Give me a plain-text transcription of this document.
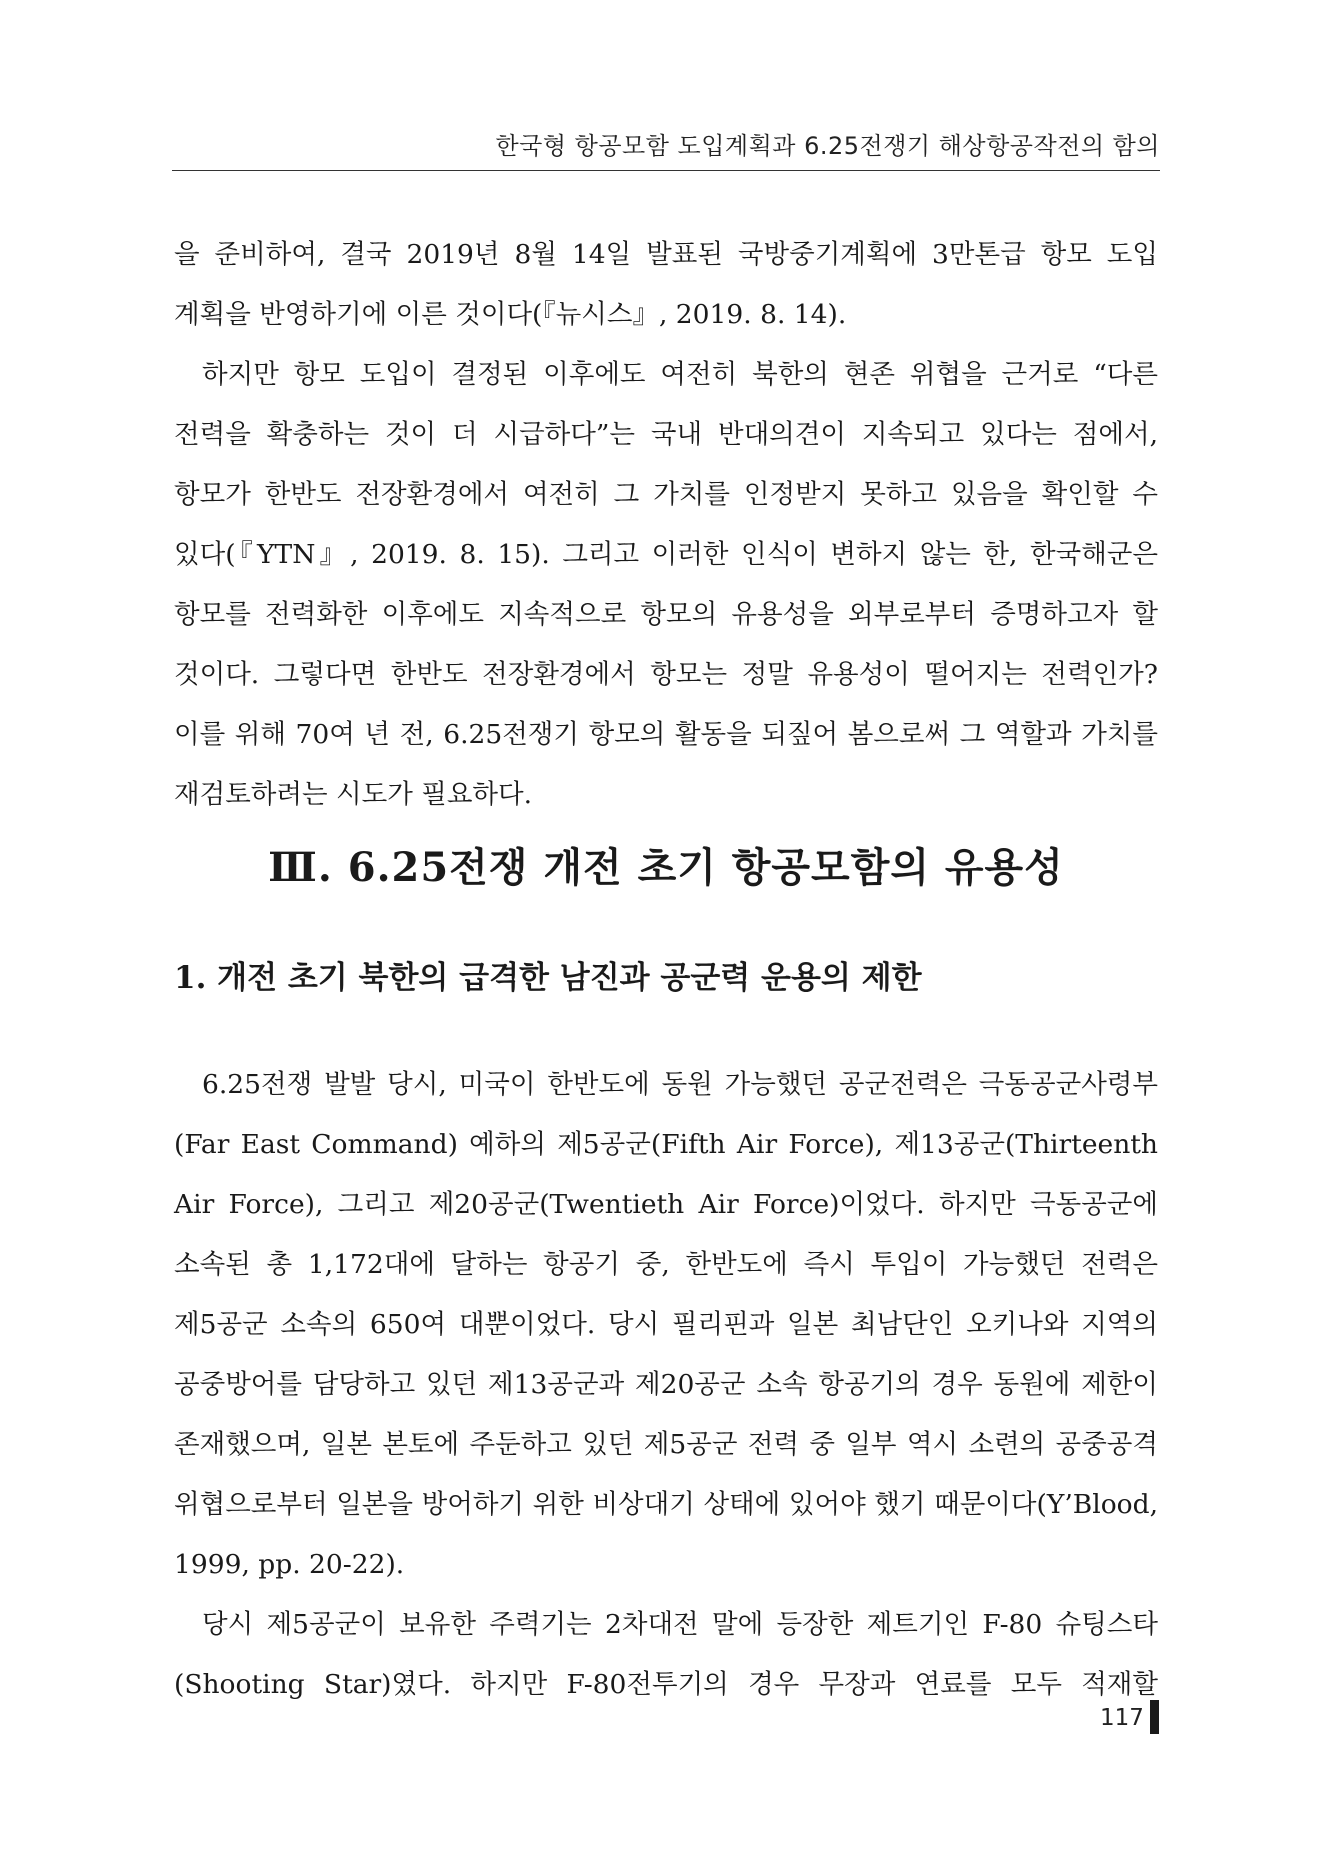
한국형 항공모함 도입계획과 6.25전쟁기 해상항공작전의 함의

을 준비하여, 결국 2019년 8월 14일 발표된 국방중기계획에 3만톤급 항모 도입 계획을 반영하기에 이른 것이다(『뉴시스』, 2019. 8. 14).

하지만 항모 도입이 결정된 이후에도 여전히 북한의 현존 위협을 근거로 “다른 전력을 확충하는 것이 더 시급하다”는 국내 반대의견이 지속되고 있다는 점에서, 항모가 한반도 전장환경에서 여전히 그 가치를 인정받지 못하고 있음을 확인할 수 있다(『YTN』, 2019. 8. 15). 그리고 이러한 인식이 변하지 않는 한, 한국해군은 항모를 전력화한 이후에도 지속적으로 항모의 유용성을 외부로부터 증명하고자 할 것이다. 그렇다면 한반도 전장환경에서 항모는 정말 유용성이 떨어지는 전력인가? 이를 위해 70여 년 전, 6.25전쟁기 항모의 활동을 되짚어 봄으로써 그 역할과 가치를 재검토하려는 시도가 필요하다.

Ⅲ. 6.25전쟁 개전 초기 항공모함의 유용성
1. 개전 초기 북한의 급격한 남진과 공군력 운용의 제한

6.25전쟁 발발 당시, 미국이 한반도에 동원 가능했던 공군전력은 극동공군사령부(Far East Command) 예하의 제5공군(Fifth Air Force), 제13공군(Thirteenth Air Force), 그리고 제20공군(Twentieth Air Force)이었다. 하지만 극동공군에 소속된 총 1,172대에 달하는 항공기 중, 한반도에 즉시 투입이 가능했던 전력은 제5공군 소속의 650여 대뿐이었다. 당시 필리핀과 일본 최남단인 오키나와 지역의 공중방어를 담당하고 있던 제13공군과 제20공군 소속 항공기의 경우 동원에 제한이 존재했으며, 일본 본토에 주둔하고 있던 제5공군 전력 중 일부 역시 소련의 공중공격 위협으로부터 일본을 방어하기 위한 비상대기 상태에 있어야 했기 때문이다(Y’Blood, 1999, pp. 20-22).

당시 제5공군이 보유한 주력기는 2차대전 말에 등장한 제트기인 F-80 슈팅스타(Shooting Star)였다. 하지만 F-80전투기의 경우 무장과 연료를 모두 적재할

117
